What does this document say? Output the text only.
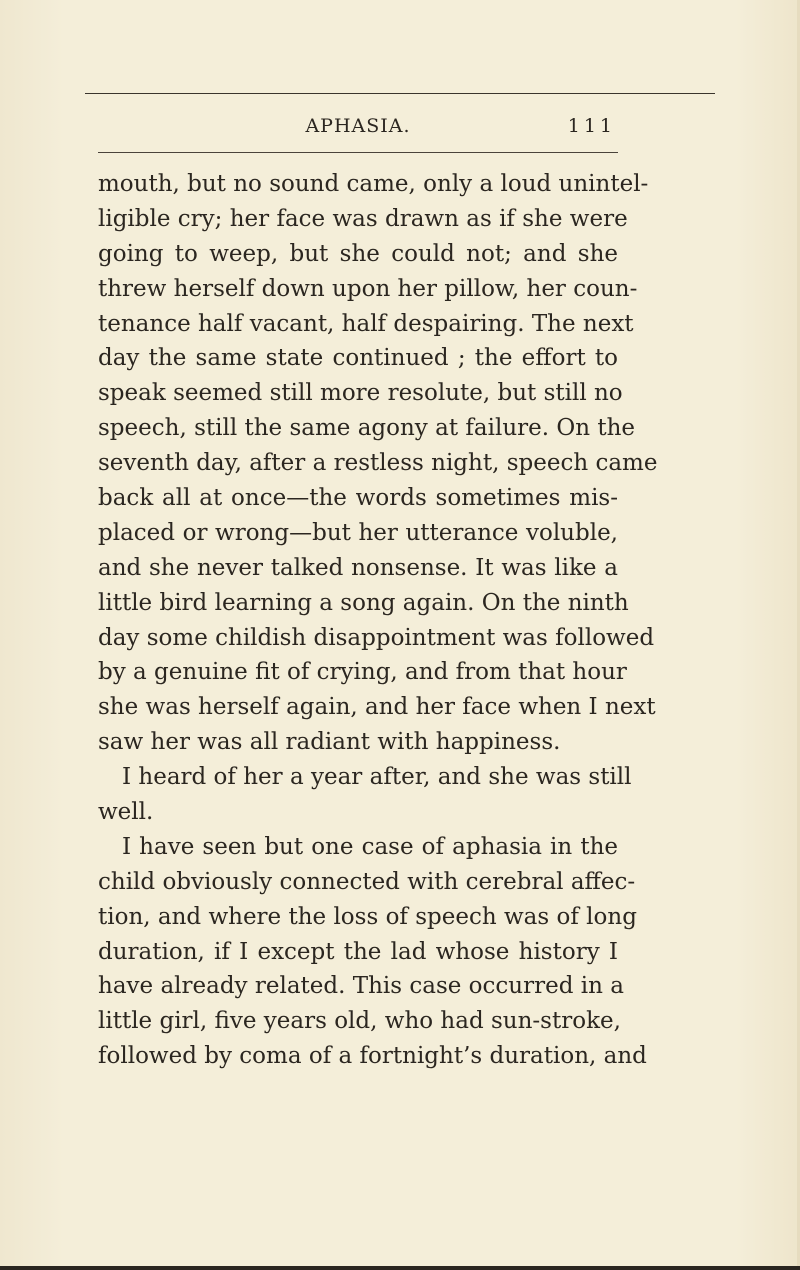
APHASIA.	111
mouth, but no sound came, only a loud unintel-
ligible cry; her face was drawn as if she were
going to weep, but she could not; and she
threw herself down upon her pillow, her coun-
tenance half vacant, half despairing. The next
day the same state continued ; the effort to
speak seemed still more resolute, but still no
speech, still the same agony at failure. On the
seventh day, after a restless night, speech came
back all at once—the words sometimes mis-
placed or wrong—but her utterance voluble,
and she never talked nonsense. It was like a
little bird learning a song again. On the ninth
day some childish disappointment was followed
by a genuine fit of crying, and from that hour
she was herself again, and her face when I next
saw her was all radiant with happiness.
I heard of her a year after, and she was still
well.
I have seen but one case of aphasia in the
child obviously connected with cerebral affec-
tion, and where the loss of speech was of long
duration, if I except the lad whose history I
have already related. This case occurred in a
little girl, five years old, who had sun-stroke,
followed by coma of a fortnight’s duration, and
